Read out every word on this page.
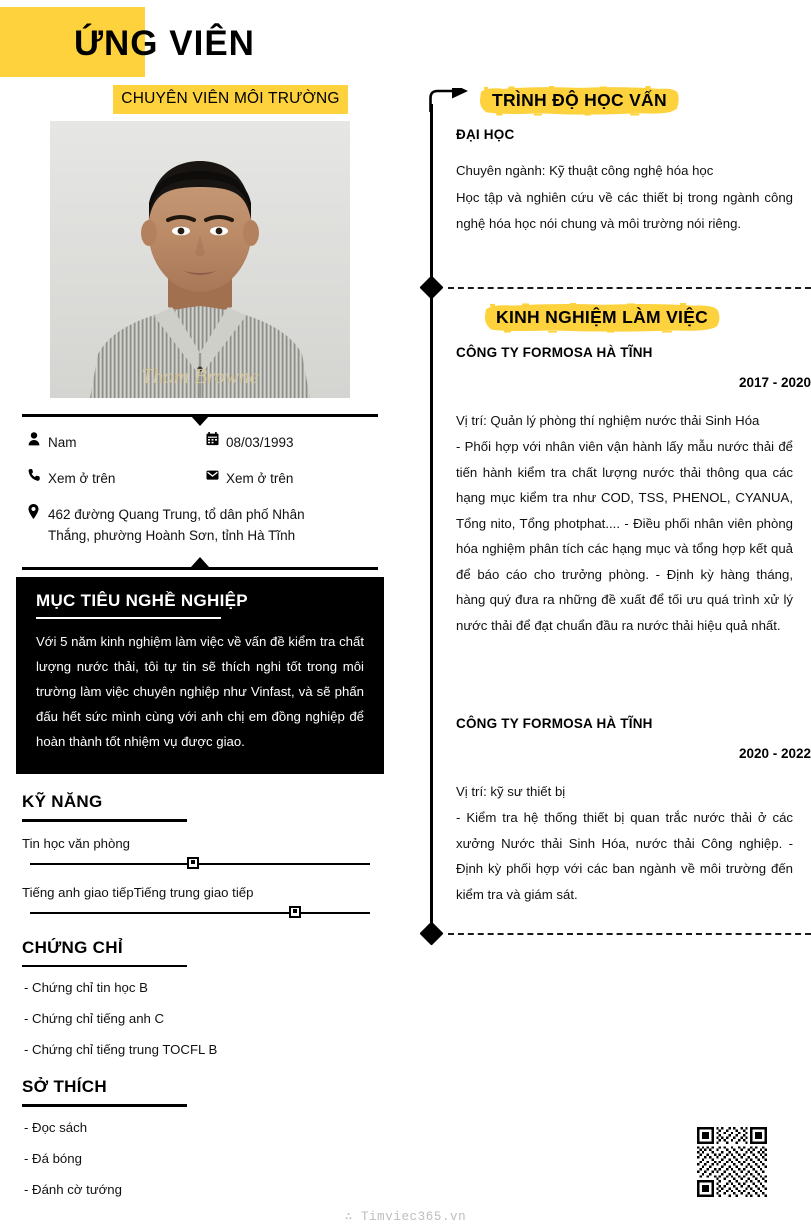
ỨNG VIÊN
CHUYÊN VIÊN MÔI TRƯỜNG
Thom Browne
Nam	08/03/1993
Xem ở trên	Xem ở trên
462 đường Quang Trung, tổ dân phố Nhân Thắng, phường Hoành Sơn, tỉnh Hà Tĩnh
MỤC TIÊU NGHỀ NGHIỆP
Với 5 năm kinh nghiệm làm việc về vấn đề kiểm tra chất lượng nước thải, tôi tự tin sẽ thích nghi tốt trong môi trường làm việc chuyên nghiệp như Vinfast, và sẽ phấn đấu hết sức mình cùng với anh chị em đồng nghiệp để hoàn thành tốt nhiệm vụ được giao.
KỸ NĂNG
Tin học văn phòng
Tiếng anh giao tiếpTiếng trung giao tiếp
CHỨNG CHỈ
- Chứng chỉ tin học B
- Chứng chỉ tiếng anh C
- Chứng chỉ tiếng trung TOCFL B
SỞ THÍCH
- Đọc sách
- Đá bóng
- Đánh cờ tướng
TRÌNH ĐỘ HỌC VẤN
ĐẠI HỌC
Chuyên ngành: Kỹ thuật công nghệ hóa học
Học tập và nghiên cứu về các thiết bị trong ngành công nghệ hóa học nói chung và môi trường nói riêng.
KINH NGHIỆM LÀM VIỆC
CÔNG TY FORMOSA HÀ TĨNH
2017 - 2020
Vị trí: Quản lý phòng thí nghiệm nước thải Sinh Hóa
- Phối hợp với nhân viên vận hành lấy mẫu nước thải để tiến hành kiểm tra chất lượng nước thải thông qua các hạng mục kiểm tra như COD, TSS, PHENOL, CYANUA, Tổng nito, Tổng photphat.... - Điều phối nhân viên phòng hóa nghiệm phân tích các hạng mục và tổng hợp kết quả để báo cáo cho trưởng phòng. - Định kỳ hàng tháng, hàng quý đưa ra những đề xuất để tối ưu quá trình xử lý nước thải để đạt chuẩn đầu ra nước thải hiệu quả nhất.
CÔNG TY FORMOSA HÀ TĨNH
2020 - 2022
Vị trí: kỹ sư thiết bị
- Kiểm tra hệ thống thiết bị quan trắc nước thải ở các xưởng Nước thải Sinh Hóa, nước thải Công nghiệp. - Định kỳ phối hợp với các ban ngành về môi trường đến kiểm tra và giám sát.
∴ Timviec365.vn
